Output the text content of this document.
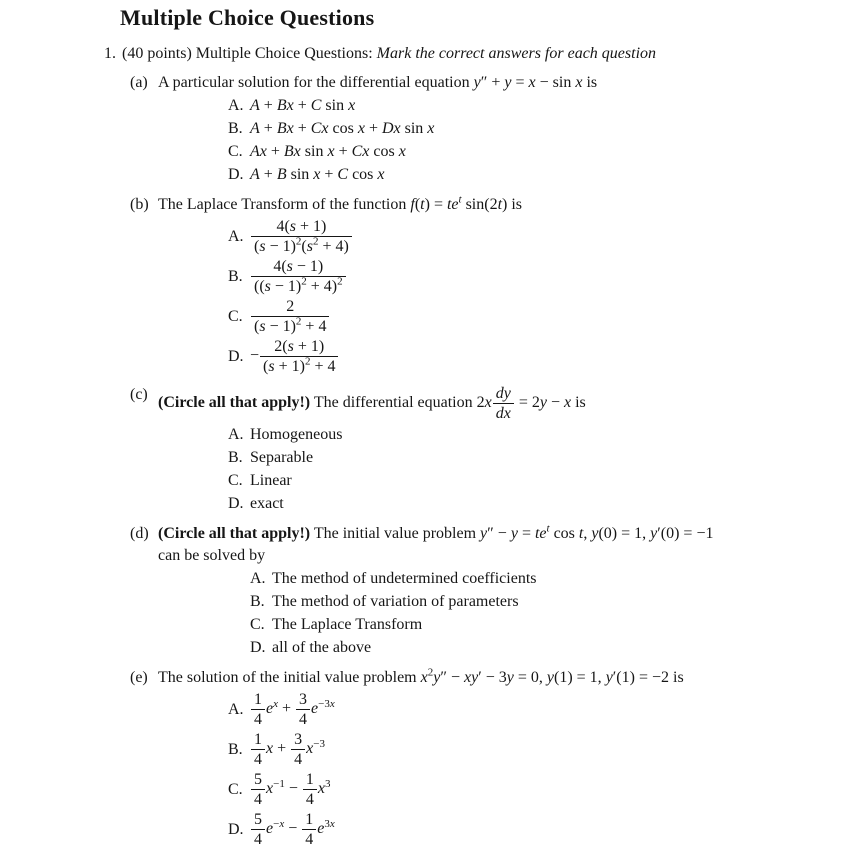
Multiple Choice Questions
1. (40 points) Multiple Choice Questions: Mark the correct answers for each question
(a) A particular solution for the differential equation y″ + y = x − sin x is
A. A + Bx + C sin x
B. A + Bx + Cx cos x + Dx sin x
C. Ax + Bx sin x + Cx cos x
D. A + B sin x + C cos x
(b) The Laplace Transform of the function $f(t) = te^t$ sin(2t) is
A. $\frac{4(s + 1)}{(s - 1)^2(s^2 + 4)}$
B. $\frac{4(s - 1)}{((s - 1)^2 + 4)^2}$
C. $\frac{2}{(s - 1)^2 + 4}$
D. − $\frac{2(s + 1)}{(s + 1)^2 + 4}$
(c) (Circle all that apply!) The differential equation $2x \frac{dy}{dx} = 2y - x$ is
A. Homogeneous
B. Separable
C. Linear
D. exact
(d) (Circle all that apply!) The initial value problem $y'' - y = te^t$ cos t, y(0) = 1, y′(0) = −1
can be solved by
A. The method of undetermined coefficients
B. The method of variation of parameters
C. The Laplace Transform
D. all of the above
(e) The solution of the initial value problem $x^2y'' - xy' - 3y = 0$, y(1) = 1, y′(1) = −2 is
A. $\frac{1}{4} e^x + \frac{3}{4} e^{-3x}$
B. $\frac{1}{4}$ $x + \frac{3}{4} x^{-3}$
C. $\frac{5}{4} x^{-1} - \frac{1}{4} x^3$
D. $\frac{5}{4} e^{-x} - \frac{1}{4} e^{3x}$
